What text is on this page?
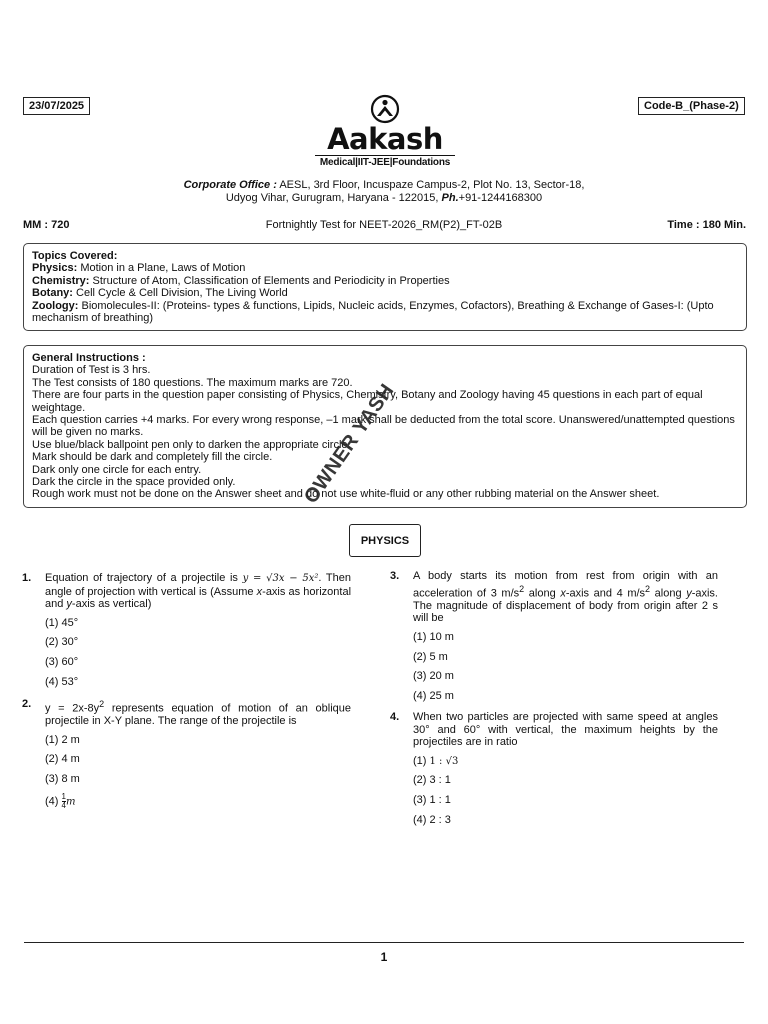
23/07/2025	Code-B_(Phase-2)
Aakash
Medical|IIT-JEE|Foundations
Corporate Office : AESL, 3rd Floor, Incuspaze Campus-2, Plot No. 13, Sector-18,
Udyog Vihar, Gurugram, Haryana - 122015, Ph.+91-1244168300
MM : 720	Fortnightly Test for NEET-2026_RM(P2)_FT-02B	Time : 180 Min.
Topics Covered:
Physics: Motion in a Plane, Laws of Motion
Chemistry: Structure of Atom, Classification of Elements and Periodicity in Properties
Botany: Cell Cycle & Cell Division, The Living World
Zoology: Biomolecules-II: (Proteins- types & functions, Lipids, Nucleic acids, Enzymes, Cofactors), Breathing & Exchange of Gases-I: (Upto mechanism of breathing)
General Instructions :
Duration of Test is 3 hrs.
The Test consists of 180 questions. The maximum marks are 720.
There are four parts in the question paper consisting of Physics, Chemistry, Botany and Zoology having 45 questions in each part of equal weightage.
Each question carries +4 marks. For every wrong response, –1 mark shall be deducted from the total score. Unanswered/unattempted questions will be given no marks.
Use blue/black ballpoint pen only to darken the appropriate circle.
Mark should be dark and completely fill the circle.
Dark only one circle for each entry.
Dark the circle in the space provided only.
Rough work must not be done on the Answer sheet and do not use white-fluid or any other rubbing material on the Answer sheet.
PHYSICS
OWNER YASH
1. Equation of trajectory of a projectile is y = √3x − 5x². Then angle of projection with vertical is (Assume x-axis as horizontal and y-axis as vertical)
(1) 45°
(2) 30°
(3) 60°
(4) 53°
2. $y = 2x-8y^2$ represents equation of motion of an oblique projectile in X-Y plane. The range of the projectile is
(1) 2 m
(2) 4 m
(3) 8 m
$(4) \frac{1}{4}$ m
3. A body starts its motion from rest from origin with an acceleration of 3 $m/s^2$ along x-axis and 4 $m/s^2$ along y-axis. The magnitude of displacement of body from origin after 2 s will be
(1) 10 m
(2) 5 m
(3) 20 m
(4) 25 m
4. When two particles are projected with same speed at angles 30° and 60° with vertical, the maximum heights by the projectiles are in ratio
(1) 1 : √3
(2) 3 : 1
(3) 1 : 1
(4) 2 : 3
1
